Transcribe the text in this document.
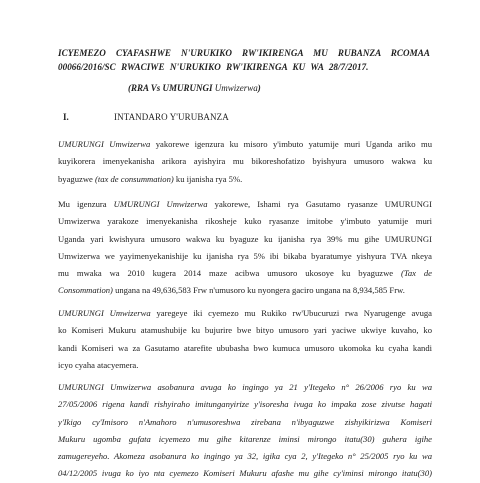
ICYEMEZO CYAFASHWE N'URUKIKO RW'IKIRENGA MU RUBANZA RCOMAA
00066/2016/SC RWACIWE N'URUKIKO RW'IKIRENGA KU WA 28/7/2017.
(RRA Vs UMURUNGI Umwizerwa)
I.	INTANDARO Y'URUBANZA
UMURUNGI Umwizerwa yakorewe igenzura ku misoro y'imbuto yatumije muri Uganda ariko mu
kuyikorera imenyekanisha arikora ayishyira mu bikoreshofatizo byishyura umusoro wakwa ku
byaguzwe (tax de consummation) ku ijanisha rya 5%.
Mu igenzura UMURUNGI Umwizerwa yakorewe, Ishami rya Gasutamo ryasanze UMURUNGI
Umwizerwa yarakoze imenyekanisha rikosheje kuko ryasanze imitobe y'imbuto yatumije muri
Uganda yari kwishyura umusoro wakwa ku byaguze ku ijanisha rya 39% mu gihe UMURUNGI
Umwizerwa we yayimenyekanishije ku ijanisha rya 5% ibi bikaba byaratumye yishyura TVA nkeya
mu mwaka wa 2010 kugera 2014 maze acibwa umusoro ukosoye ku byaguzwe (Tax de
Consommation) ungana na 49,636,583 Frw n'umusoro ku nyongera gaciro ungana na 8,934,585 Frw.
UMURUNGI Umwizerwa yaregeye iki cyemezo mu Rukiko rw'Ubucuruzi rwa Nyarugenge avuga
ko Komiseri Mukuru atamushubije ku bujurire bwe bityo umusoro yari yaciwe ukwiye kuvaho, ko
kandi Komiseri wa za Gasutamo atarefite ububasha bwo kumuca umusoro ukomoka ku cyaha kandi
icyo cyaha atacyemera.
UMURUNGI Umwizerwa asobanura avuga ko ingingo ya 21 y'Itegeko n° 26/2006 ryo ku wa
27/05/2006 rigena kandi rishyiraho imitunganyirize y'isoresha ivuga ko impaka zose zivutse hagati
y'Ikigo cy'Imisoro n'Amahoro n'umusoreshwa zirebana n'ibyaguzwe zishyikirizwa Komiseri
Mukuru ugomba gufata icyemezo mu gihe kitarenze iminsi mirongo itatu(30) guhera igihe
zamugereyeho. Akomeza asobanura ko ingingo ya 32, igika cya 2, y'Itegeko n° 25/2005 ryo ku wa
04/12/2005 ivuga ko iyo nta cyemezo Komiseri Mukuru afashe mu gihe cy'iminsi mirongo itatu(30)
